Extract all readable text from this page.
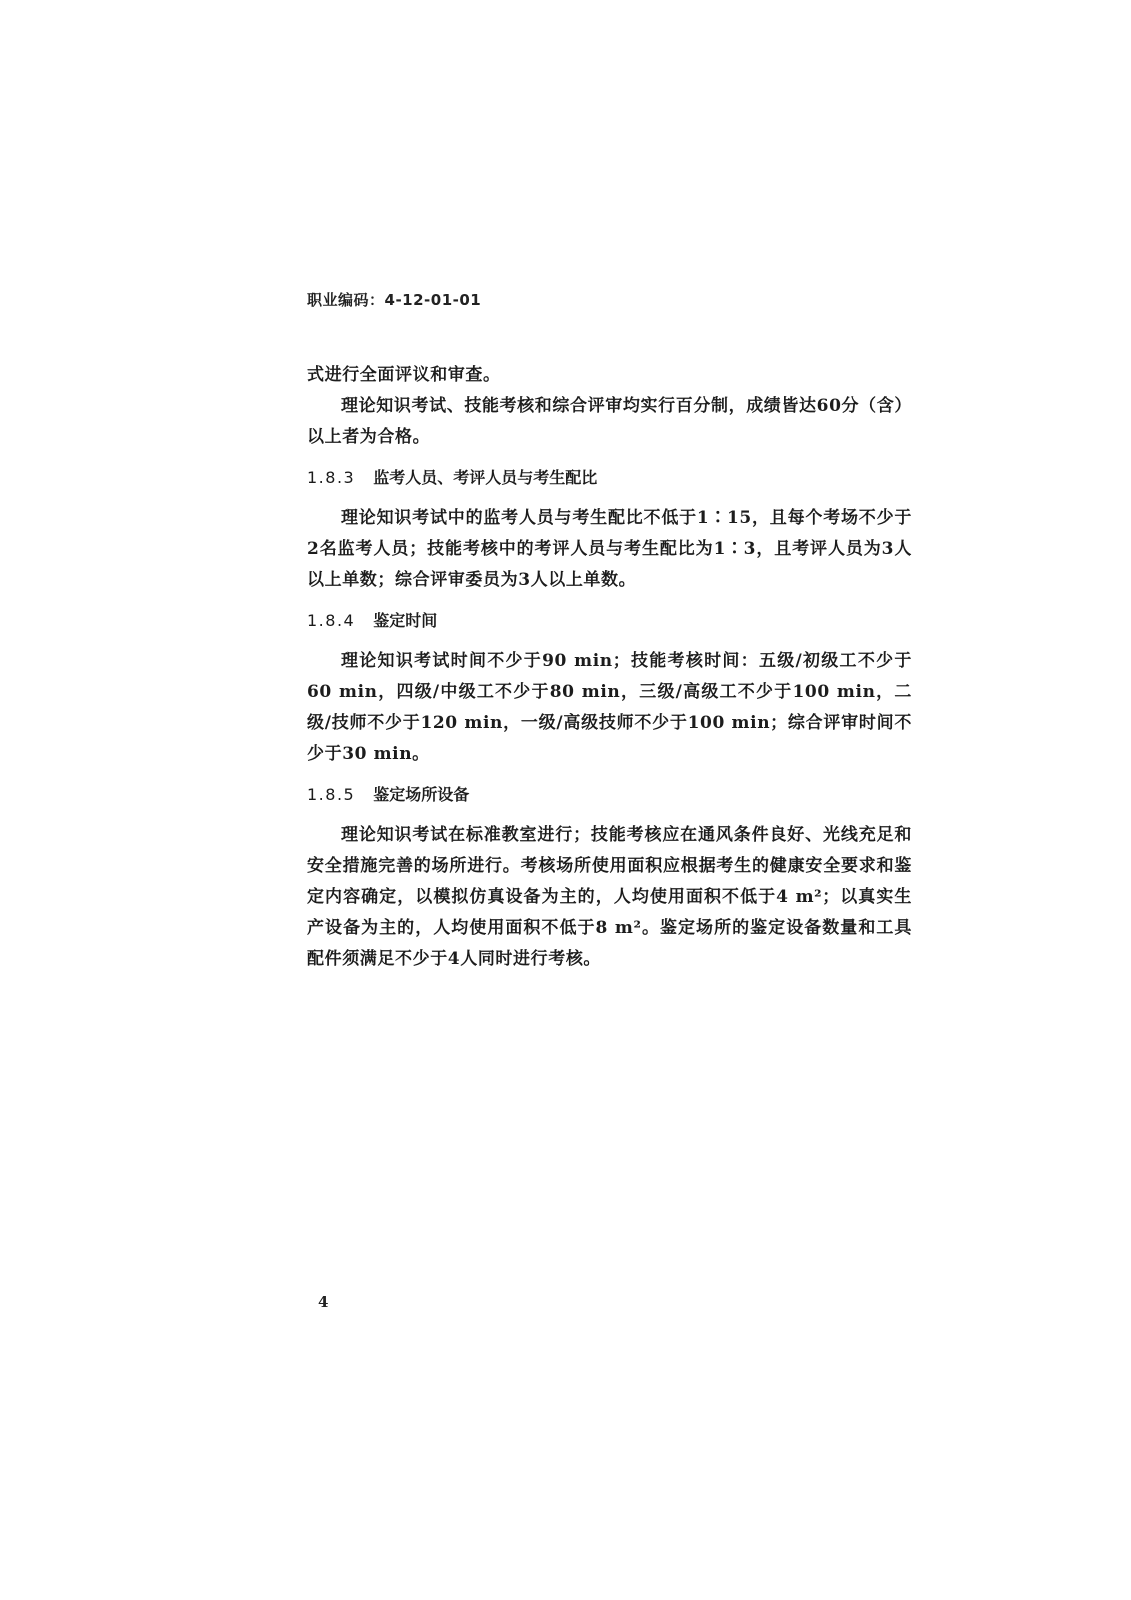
职业编码：4-12-01-01

式进行全面评议和审查。

理论知识考试、技能考核和综合评审均实行百分制，成绩皆达60分（含）以上者为合格。

1.8.3 监考人员、考评人员与考生配比

理论知识考试中的监考人员与考生配比不低于1∶15，且每个考场不少于2名监考人员；技能考核中的考评人员与考生配比为1∶3，且考评人员为3人以上单数；综合评审委员为3人以上单数。

1.8.4 鉴定时间

理论知识考试时间不少于90 min；技能考核时间：五级/初级工不少于60 min，四级/中级工不少于80 min，三级/高级工不少于100 min，二级/技师不少于120 min，一级/高级技师不少于100 min；综合评审时间不少于30 min。

1.8.5 鉴定场所设备

理论知识考试在标准教室进行；技能考核应在通风条件良好、光线充足和安全措施完善的场所进行。考核场所使用面积应根据考生的健康安全要求和鉴定内容确定，以模拟仿真设备为主的，人均使用面积不低于4 m²；以真实生产设备为主的，人均使用面积不低于8 m²。鉴定场所的鉴定设备数量和工具配件须满足不少于4人同时进行考核。

4
